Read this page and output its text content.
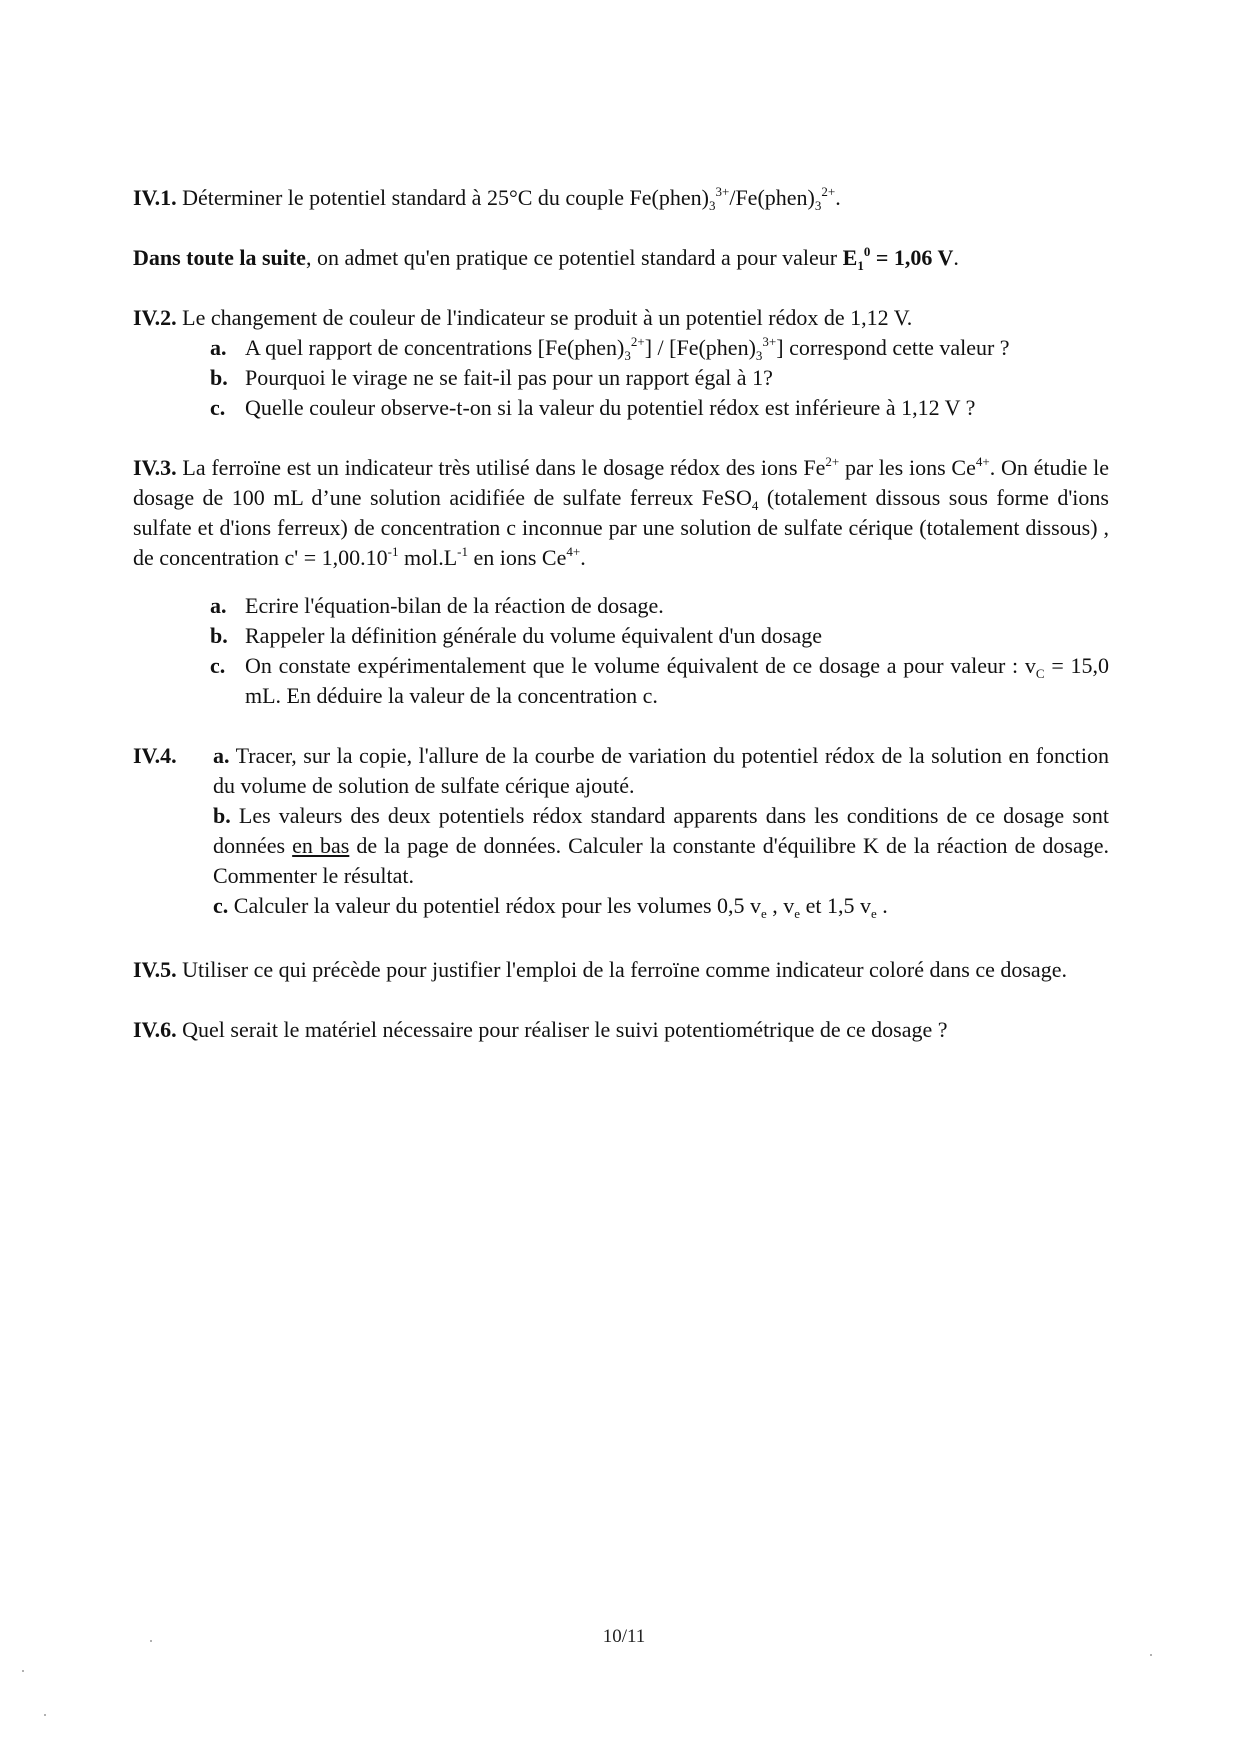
IV.1. Déterminer le potentiel standard à 25°C du couple $Fe(phen)_3^{3+}/Fe(phen)_3^{2+}$.

Dans toute la suite, on admet qu'en pratique ce potentiel standard a pour valeur $E_1^0 = 1,06$ V.

IV.2. Le changement de couleur de l'indicateur se produit à un potentiel rédox de 1,12 V.
a. A quel rapport de concentrations $[Fe(phen)_3^{2+}]$ / $[Fe(phen)_3^{3+}]$ correspond cette valeur ?
b. Pourquoi le virage ne se fait-il pas pour un rapport égal à 1?
c. Quelle couleur observe-t-on si la valeur du potentiel rédox est inférieure à 1,12 V ?
IV.3. La ferroïne est un indicateur très utilisé dans le dosage rédox des ions $Fe^{2+}$ par les ions $Ce^{4+}$. On étudie le dosage de 100 mL d’une solution acidifiée de sulfate ferreux FeSO$_4$ (totalement dissous sous forme d'ions sulfate et d'ions ferreux) de concentration c inconnue par une solution de sulfate cérique (totalement dissous) , de concentration $c' = 1,00.10^{-1}$ $mol.L^{-1}$ en ions $Ce^{4+}$.
a. Ecrire l'équation-bilan de la réaction de dosage.
b. Rappeler la définition générale du volume équivalent d'un dosage
c. On constate expérimentalement que le volume équivalent de ce dosage a pour valeur : $v_C = 15,0$ mL. En déduire la valeur de la concentration c.
IV.4. a. Tracer, sur la copie, l'allure de la courbe de variation du potentiel rédox de la solution en fonction du volume de solution de sulfate cérique ajouté.

b. Les valeurs des deux potentiels rédox standard apparents dans les conditions de ce dosage sont données en bas de la page de données. Calculer la constante d'équilibre K de la réaction de dosage. Commenter le résultat.

c. Calculer la valeur du potentiel rédox pour les volumes 0,5 $v_e$ , $v_e$ et 1,5 $v_e$ .

IV.5. Utiliser ce qui précède pour justifier l'emploi de la ferroïne comme indicateur coloré dans ce dosage.

IV.6. Quel serait le matériel nécessaire pour réaliser le suivi potentiométrique de ce dosage ?

10/11
